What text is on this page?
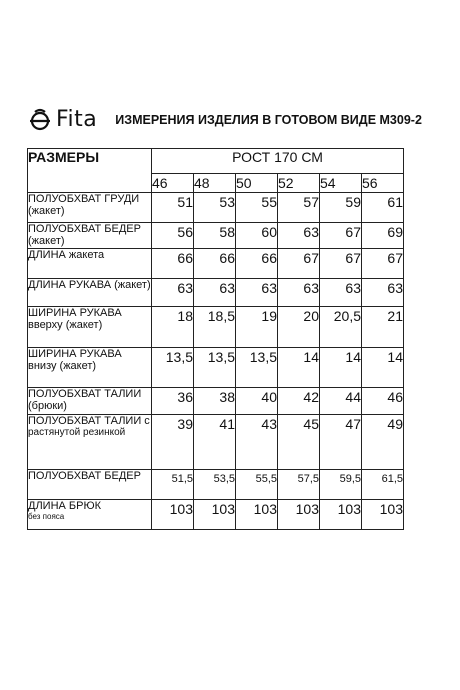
Fita ИЗМЕРЕНИЯ ИЗДЕЛИЯ В ГОТОВОМ ВИДЕ М309-2
РАЗМЕРЫ	РОСТ 170 СМ					
	46	48	50	52	54	56
ПОЛУОБХВАТ ГРУДИ (жакет)	51	53	55	57	59	61
ПОЛУОБХВАТ БЕДЕР (жакет)	56	58	60	63	67	69
ДЛИНА жакета	66	66	66	67	67	67
ДЛИНА РУКАВА (жакет)	63	63	63	63	63	63
ШИРИНА РУКАВА вверху (жакет)	18	18,5	19	20	20,5	21
ШИРИНА РУКАВА внизу (жакет)	13,5	13,5	13,5	14	14	14
ПОЛУОБХВАТ ТАЛИИ (брюки)	36	38	40	42	44	46
ПОЛУОБХВАТ ТАЛИИ с
растянутой резинкой	39	41	43	45	47	49
ПОЛУОБХВАТ БЕДЕР	51,5	53,5	55,5	57,5	59,5	61,5
ДЛИНА БРЮК
без пояса	103	103	103	103	103	103
